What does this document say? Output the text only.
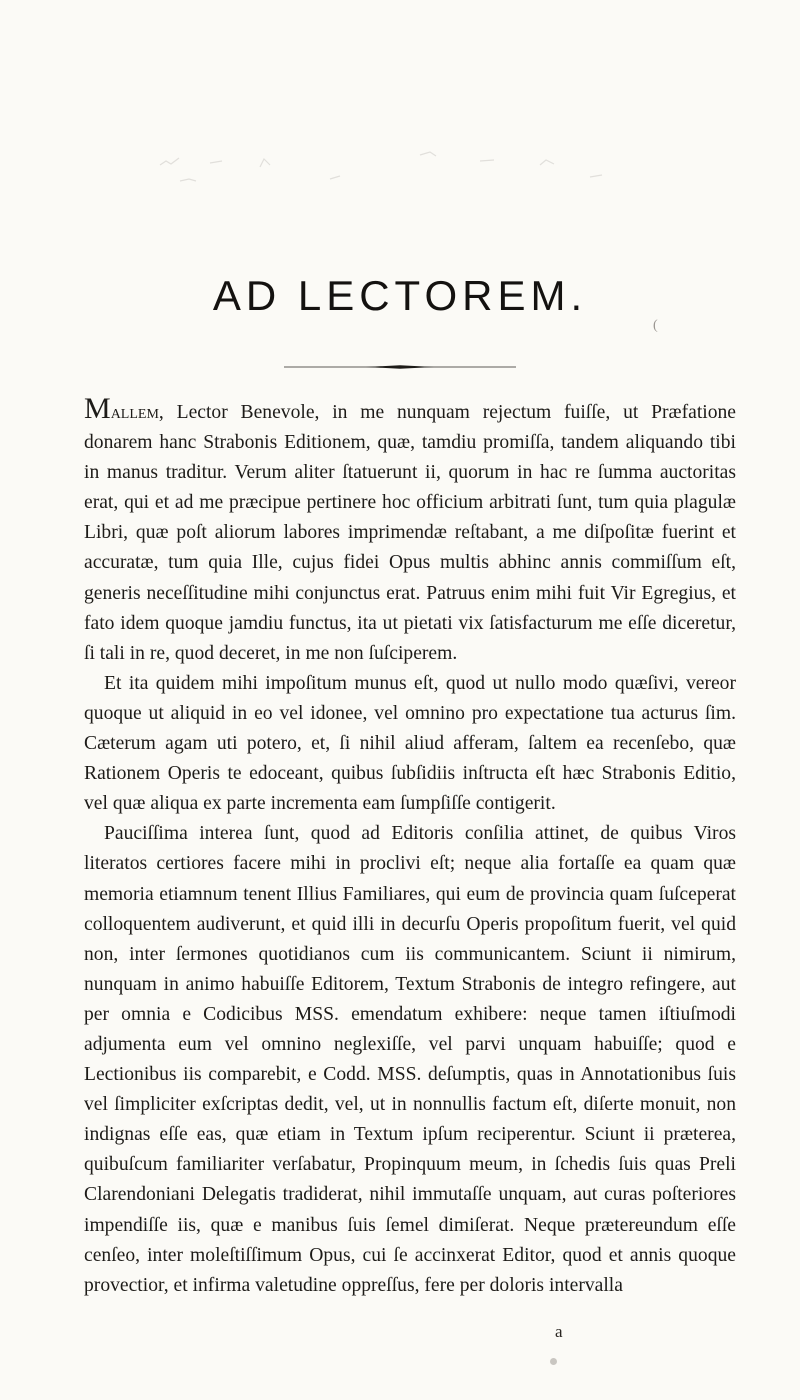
AD LECTOREM.
(

Mallem, Lector Benevole, in me nunquam rejectum fuiſſe, ut Præfatione donarem hanc Strabonis Editionem, quæ, tamdiu promiſſa, tandem aliquando tibi in manus traditur. Verum aliter ſtatuerunt ii, quorum in hac re ſumma auctoritas erat, qui et ad me præcipue pertinere hoc officium arbitrati ſunt, tum quia plagulæ Libri, quæ poſt aliorum labores imprimendæ reſtabant, a me diſpoſitæ fuerint et accuratæ, tum quia Ille, cujus fidei Opus multis abhinc annis commiſſum eſt, generis neceſſitudine mihi conjunctus erat. Patruus enim mihi fuit Vir Egregius, et fato idem quoque jamdiu functus, ita ut pietati vix ſatisfacturum me eſſe diceretur, ſi tali in re, quod deceret, in me non ſuſciperem.

Et ita quidem mihi impoſitum munus eſt, quod ut nullo modo quæſivi, vereor quoque ut aliquid in eo vel idonee, vel omnino pro expectatione tua acturus ſim. Cæterum agam uti potero, et, ſi nihil aliud afferam, ſaltem ea recenſebo, quæ Rationem Operis te edoceant, quibus ſubſidiis inſtructa eſt hæc Strabonis Editio, vel quæ aliqua ex parte incrementa eam ſumpſiſſe contigerit.

Pauciſſima interea ſunt, quod ad Editoris conſilia attinet, de quibus Viros literatos certiores facere mihi in proclivi eſt; neque alia fortaſſe ea quam quæ memoria etiamnum tenent Illius Familiares, qui eum de provincia quam ſuſceperat colloquentem audiverunt, et quid illi in decurſu Operis propoſitum fuerit, vel quid non, inter ſermones quotidianos cum iis communicantem. Sciunt ii nimirum, nunquam in animo habuiſſe Editorem, Textum Strabonis de integro refingere, aut per omnia e Codicibus MSS. emendatum exhibere: neque tamen iſtiuſmodi adjumenta eum vel omnino neglexiſſe, vel parvi unquam habuiſſe; quod e Lectionibus iis comparebit, e Codd. MSS. deſumptis, quas in Annotationibus ſuis vel ſimpliciter exſcriptas dedit, vel, ut in nonnullis factum eſt, diſerte monuit, non indignas eſſe eas, quæ etiam in Textum ipſum reciperentur. Sciunt ii præterea, quibuſcum familiariter verſabatur, Propinquum meum, in ſchedis ſuis quas Preli Clarendoniani Delegatis tradiderat, nihil immutaſſe unquam, aut curas poſteriores impendiſſe iis, quæ e manibus ſuis ſemel dimiſerat. Neque prætereundum eſſe cenſeo, inter moleſtiſſimum Opus, cui ſe accinxerat Editor, quod et annis quoque provectior, et infirma valetudine oppreſſus, fere per doloris intervalla

a
